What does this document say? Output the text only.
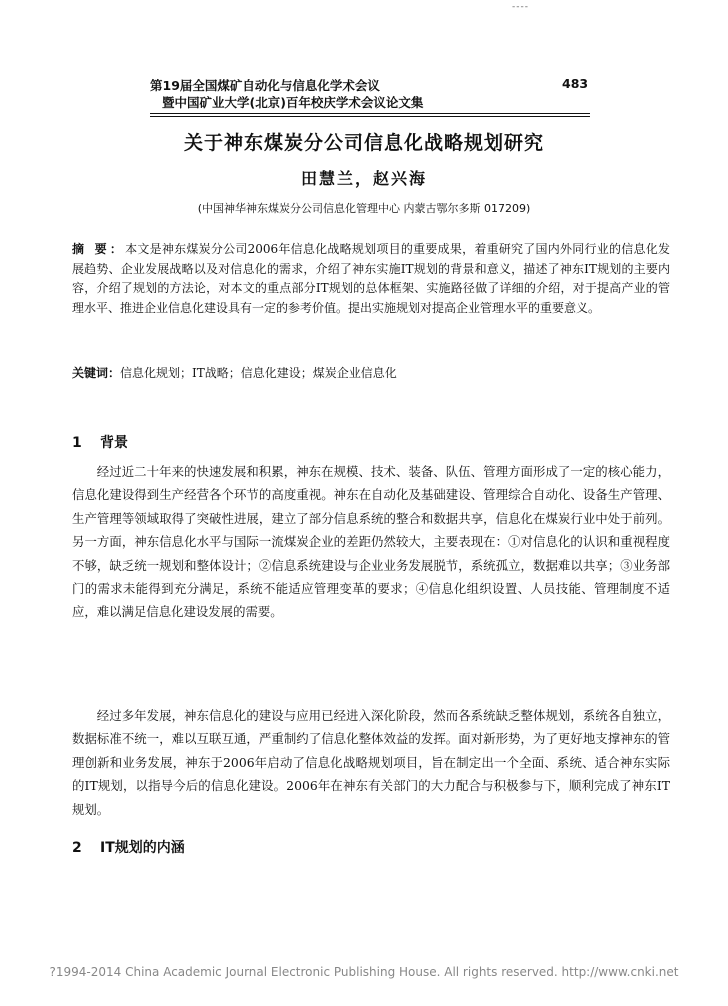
----
第19届全国煤矿自动化与信息化学术会议	483
暨中国矿业大学(北京)百年校庆学术会议论文集
关于神东煤炭分公司信息化战略规划研究
田慧兰，赵兴海
(中国神华神东煤炭分公司信息化管理中心 内蒙古鄂尔多斯 017209)
摘 要：本文是神东煤炭分公司2006年信息化战略规划项目的重要成果，着重研究了国内外同行业的信息化发展趋势、企业发展战略以及对信息化的需求，介绍了神东实施IT规划的背景和意义，描述了神东IT规划的主要内容，介绍了规划的方法论，对本文的重点部分IT规划的总体框架、实施路径做了详细的介绍，对于提高产业的管理水平、推进企业信息化建设具有一定的参考价值。提出实施规划对提高企业管理水平的重要意义。
关键词：信息化规划；IT战略；信息化建设；煤炭企业信息化
1 背景
经过近二十年来的快速发展和积累，神东在规模、技术、装备、队伍、管理方面形成了一定的核心能力，信息化建设得到生产经营各个环节的高度重视。神东在自动化及基础建设、管理综合自动化、设备生产管理、生产管理等领域取得了突破性进展，建立了部分信息系统的整合和数据共享，信息化在煤炭行业中处于前列。另一方面，神东信息化水平与国际一流煤炭企业的差距仍然较大，主要表现在：①对信息化的认识和重视程度不够，缺乏统一规划和整体设计；②信息系统建设与企业业务发展脱节，系统孤立，数据难以共享；③业务部门的需求未能得到充分满足，系统不能适应管理变革的要求；④信息化组织设置、人员技能、管理制度不适应，难以满足信息化建设发展的需要。
经过多年发展，神东信息化的建设与应用已经进入深化阶段，然而各系统缺乏整体规划，系统各自独立，数据标准不统一，难以互联互通，严重制约了信息化整体效益的发挥。面对新形势，为了更好地支撑神东的管理创新和业务发展，神东于2006年启动了信息化战略规划项目，旨在制定出一个全面、系统、适合神东实际的IT规划，以指导今后的信息化建设。2006年在神东有关部门的大力配合与积极参与下，顺利完成了神东IT规划。
2 IT规划的内涵
?1994-2014 China Academic Journal Electronic Publishing House. All rights reserved. http://www.cnki.net
